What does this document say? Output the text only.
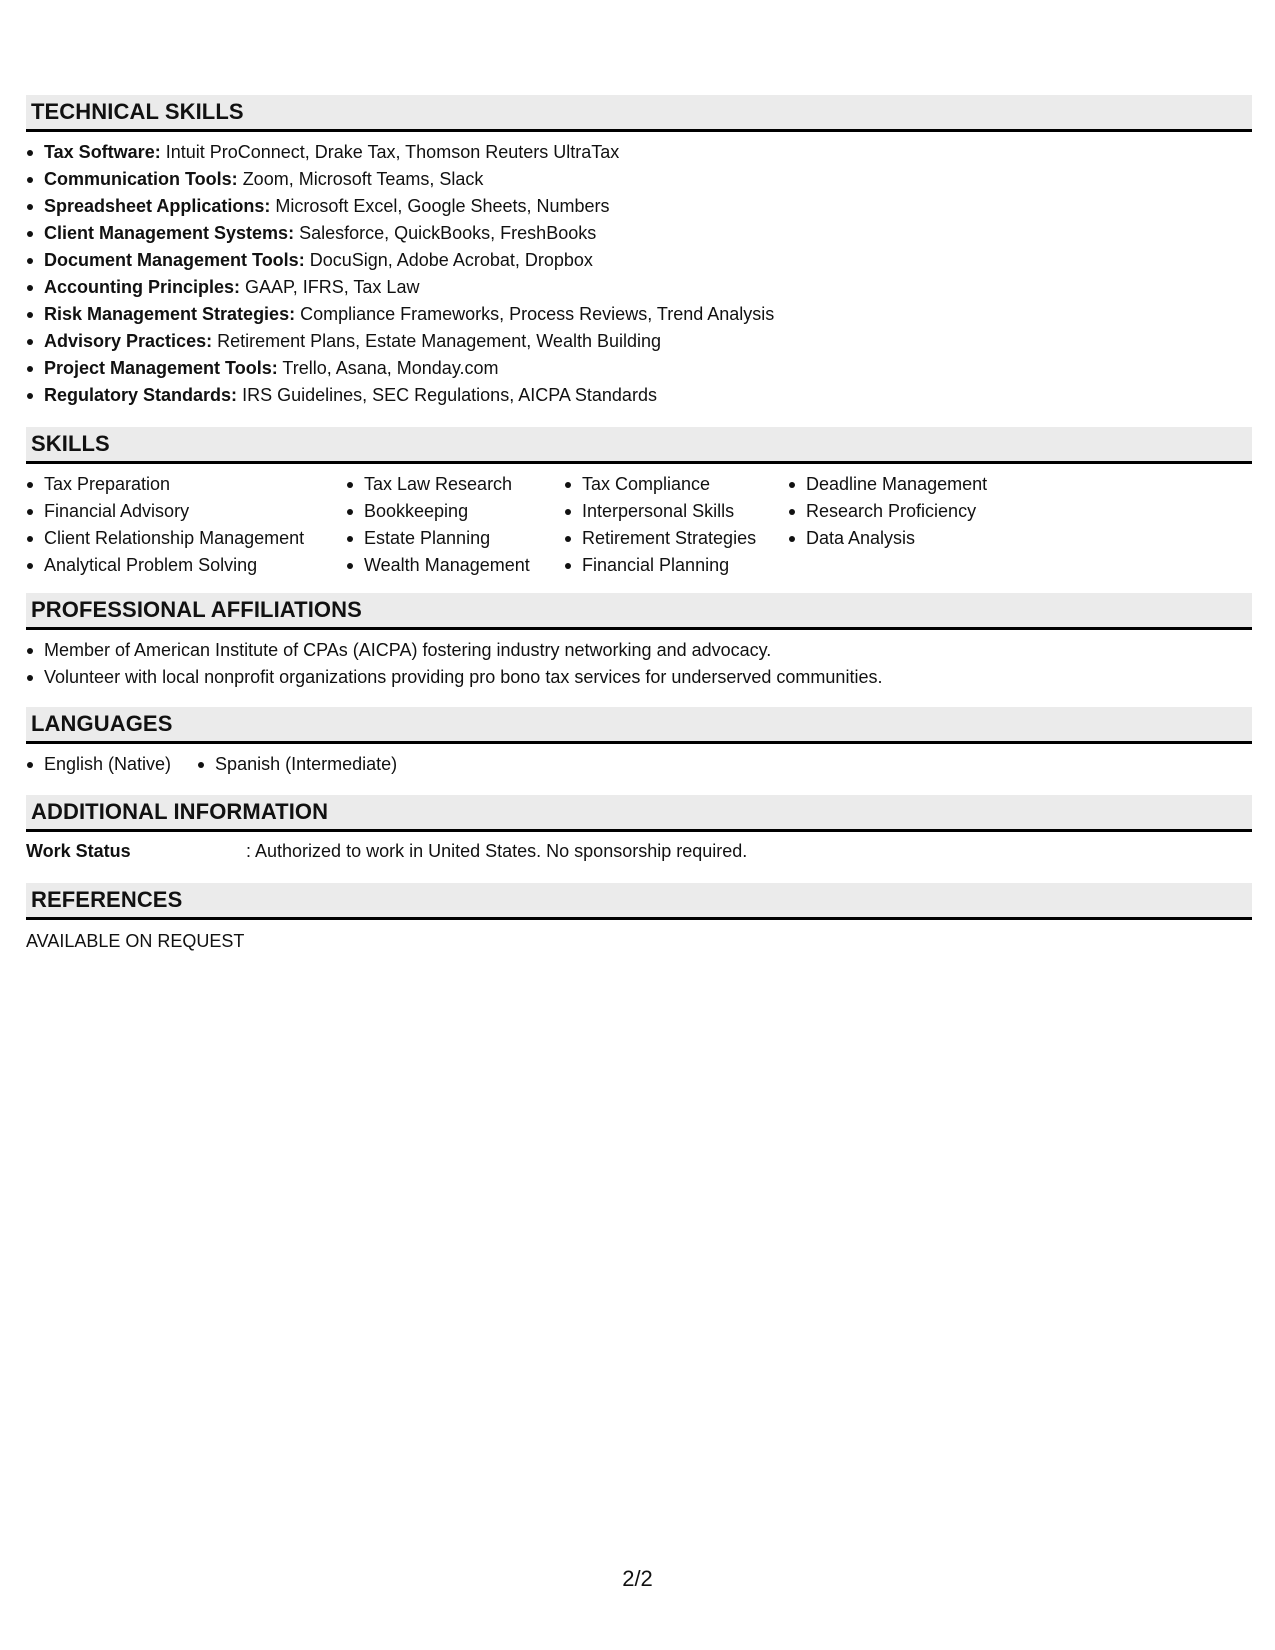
TECHNICAL SKILLS
Tax Software: Intuit ProConnect, Drake Tax, Thomson Reuters UltraTax
Communication Tools: Zoom, Microsoft Teams, Slack
Spreadsheet Applications: Microsoft Excel, Google Sheets, Numbers
Client Management Systems: Salesforce, QuickBooks, FreshBooks
Document Management Tools: DocuSign, Adobe Acrobat, Dropbox
Accounting Principles: GAAP, IFRS, Tax Law
Risk Management Strategies: Compliance Frameworks, Process Reviews, Trend Analysis
Advisory Practices: Retirement Plans, Estate Management, Wealth Building
Project Management Tools: Trello, Asana, Monday.com
Regulatory Standards: IRS Guidelines, SEC Regulations, AICPA Standards
SKILLS
Tax Preparation
Financial Advisory
Client Relationship Management
Analytical Problem Solving
Tax Law Research
Bookkeeping
Estate Planning
Wealth Management
Tax Compliance
Interpersonal Skills
Retirement Strategies
Financial Planning
Deadline Management
Research Proficiency
Data Analysis
PROFESSIONAL AFFILIATIONS
Member of American Institute of CPAs (AICPA) fostering industry networking and advocacy.
Volunteer with local nonprofit organizations providing pro bono tax services for underserved communities.
LANGUAGES
English (Native)	Spanish (Intermediate)
ADDITIONAL INFORMATION
Work Status	: Authorized to work in United States. No sponsorship required.
REFERENCES
AVAILABLE ON REQUEST
2/2
